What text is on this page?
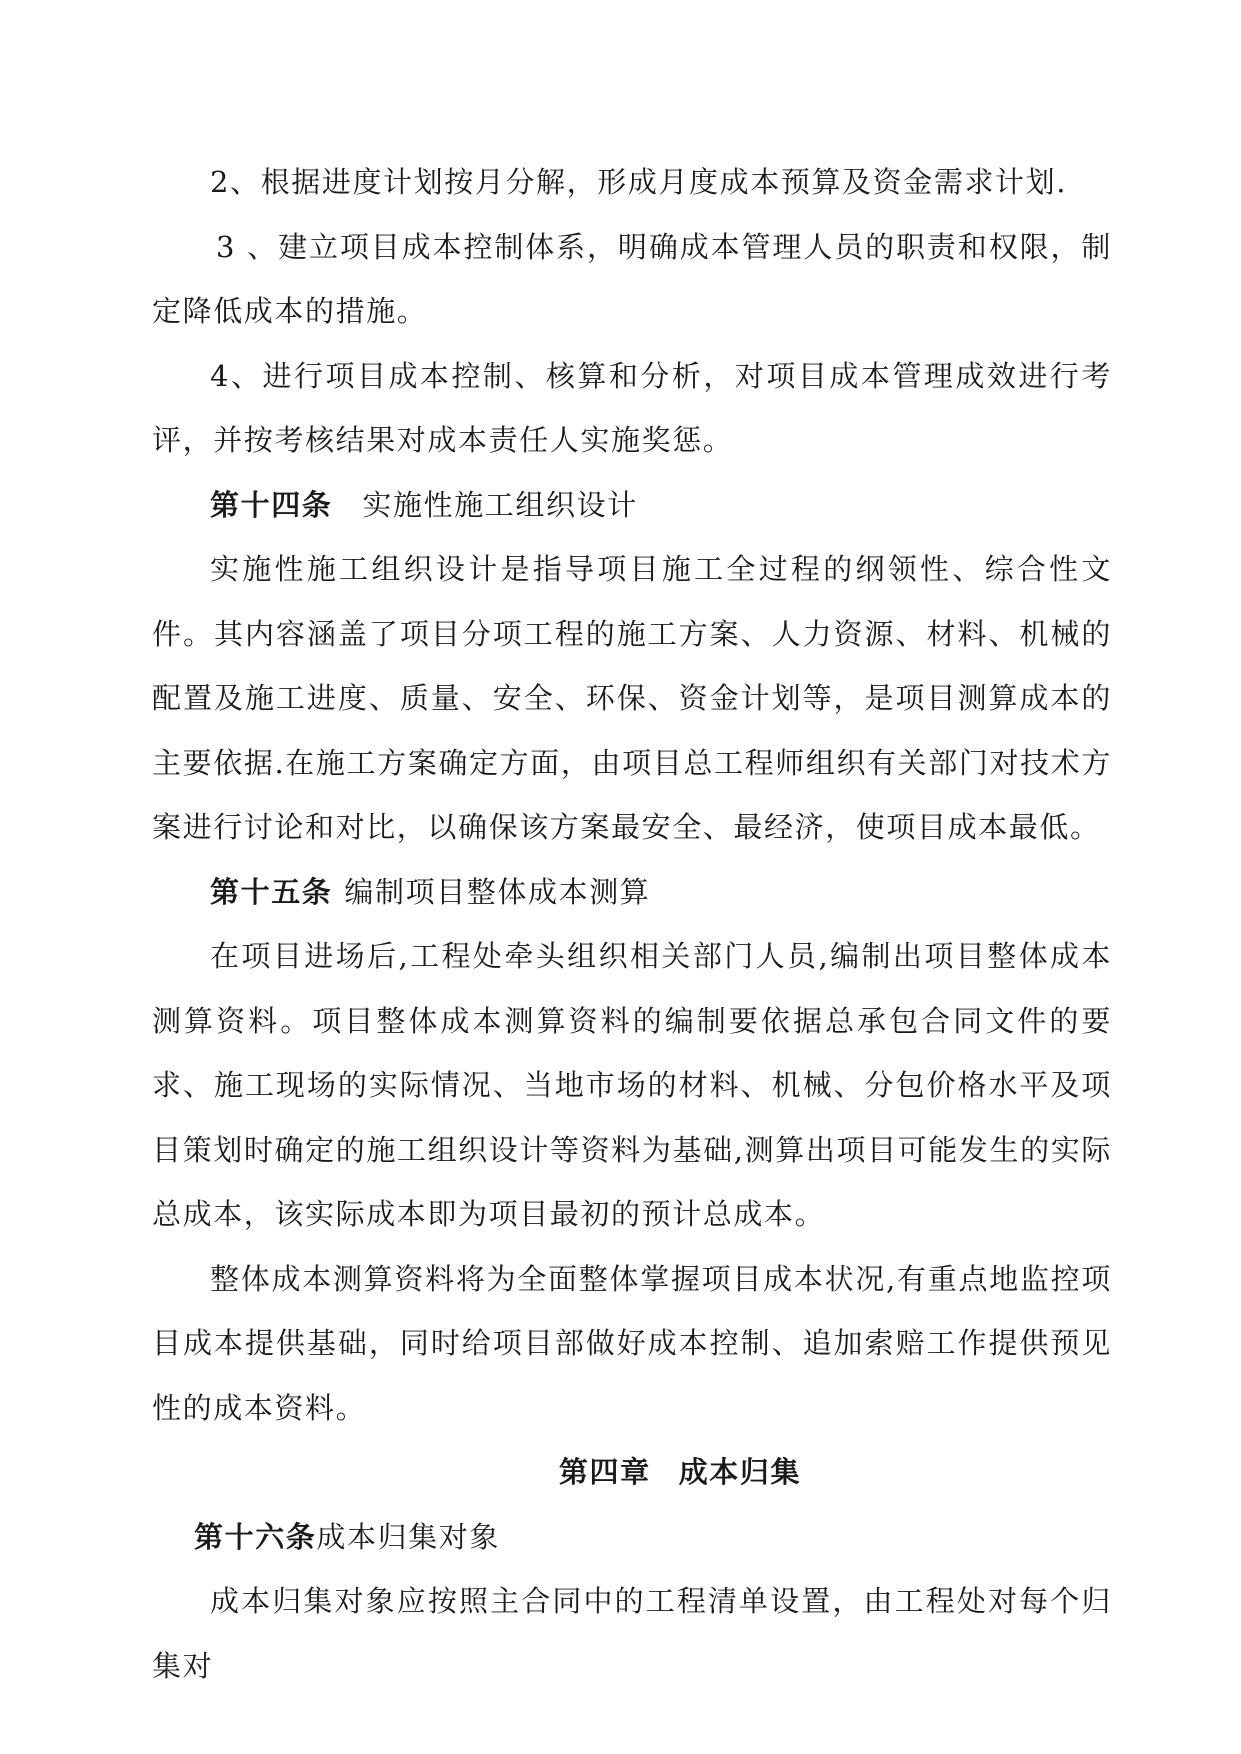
2、根据进度计划按月分解，形成月度成本预算及资金需求计划.

3 、建立项目成本控制体系，明确成本管理人员的职责和权限，制定降低成本的措施。

4、进行项目成本控制、核算和分析，对项目成本管理成效进行考评，并按考核结果对成本责任人实施奖惩。

第十四条 实施性施工组织设计

实施性施工组织设计是指导项目施工全过程的纲领性、综合性文件。其内容涵盖了项目分项工程的施工方案、人力资源、材料、机械的配置及施工进度、质量、安全、环保、资金计划等，是项目测算成本的主要依据.在施工方案确定方面，由项目总工程师组织有关部门对技术方案进行讨论和对比，以确保该方案最安全、最经济，使项目成本最低。

第十五条 编制项目整体成本测算

在项目进场后,工程处牵头组织相关部门人员,编制出项目整体成本测算资料。项目整体成本测算资料的编制要依据总承包合同文件的要求、施工现场的实际情况、当地市场的材料、机械、分包价格水平及项目策划时确定的施工组织设计等资料为基础,测算出项目可能发生的实际总成本，该实际成本即为项目最初的预计总成本。

整体成本测算资料将为全面整体掌握项目成本状况,有重点地监控项目成本提供基础，同时给项目部做好成本控制、追加索赔工作提供预见性的成本资料。

第四章 成本归集

第十六条成本归集对象

成本归集对象应按照主合同中的工程清单设置，由工程处对每个归集对
